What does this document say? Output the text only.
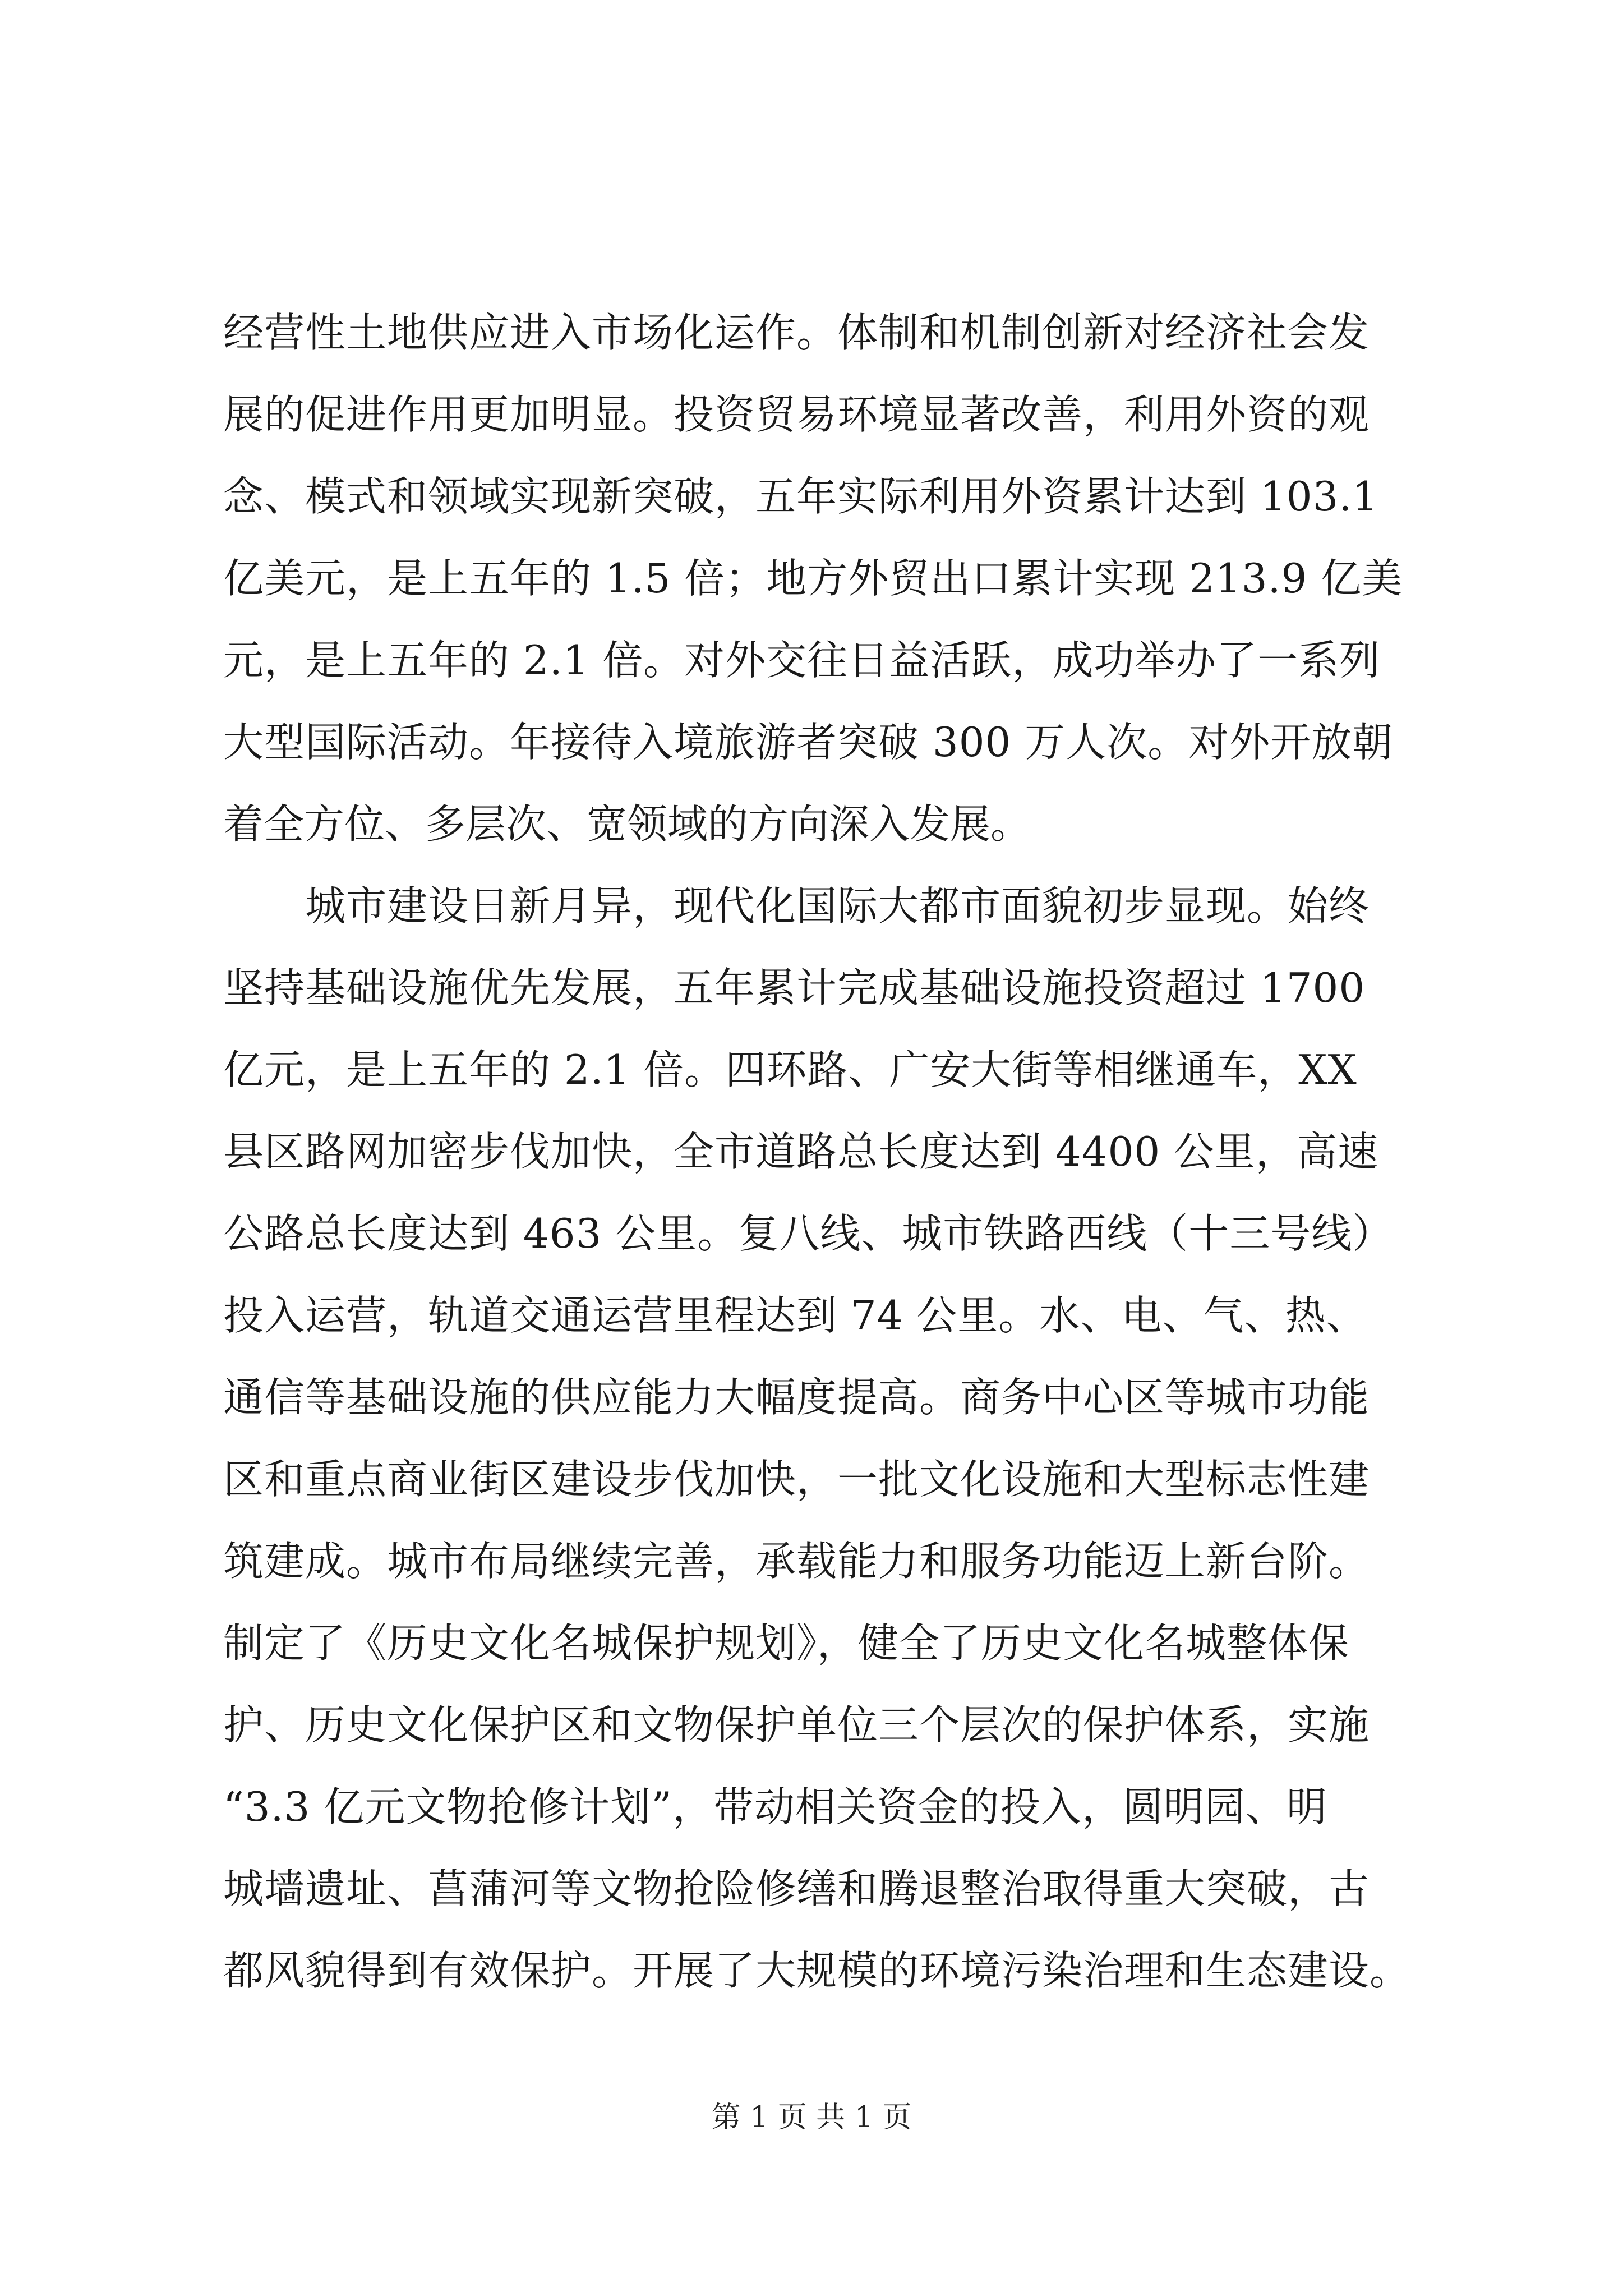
经营性土地供应进入市场化运作。体制和机制创新对经济社会发
展的促进作用更加明显。投资贸易环境显著改善，利用外资的观
念、模式和领域实现新突破，五年实际利用外资累计达到 103.1
亿美元，是上五年的 1.5 倍；地方外贸出口累计实现 213.9 亿美
元，是上五年的 2.1 倍。对外交往日益活跃，成功举办了一系列
大型国际活动。年接待入境旅游者突破 300 万人次。对外开放朝
着全方位、多层次、宽领域的方向深入发展。
城市建设日新月异，现代化国际大都市面貌初步显现。始终
坚持基础设施优先发展，五年累计完成基础设施投资超过 1700
亿元，是上五年的 2.1 倍。四环路、广安大街等相继通车，XX
县区路网加密步伐加快，全市道路总长度达到 4400 公里，高速
公路总长度达到 463 公里。复八线、城市铁路西线（十三号线）
投入运营，轨道交通运营里程达到 74 公里。水、电、气、热、
通信等基础设施的供应能力大幅度提高。商务中心区等城市功能
区和重点商业街区建设步伐加快，一批文化设施和大型标志性建
筑建成。城市布局继续完善，承载能力和服务功能迈上新台阶。
制定了《历史文化名城保护规划》，健全了历史文化名城整体保
护、历史文化保护区和文物保护单位三个层次的保护体系，实施
“3.3 亿元文物抢修计划”，带动相关资金的投入，圆明园、明
城墙遗址、菖蒲河等文物抢险修缮和腾退整治取得重大突破，古
都风貌得到有效保护。开展了大规模的环境污染治理和生态建设。
第 1 页 共 1 页
